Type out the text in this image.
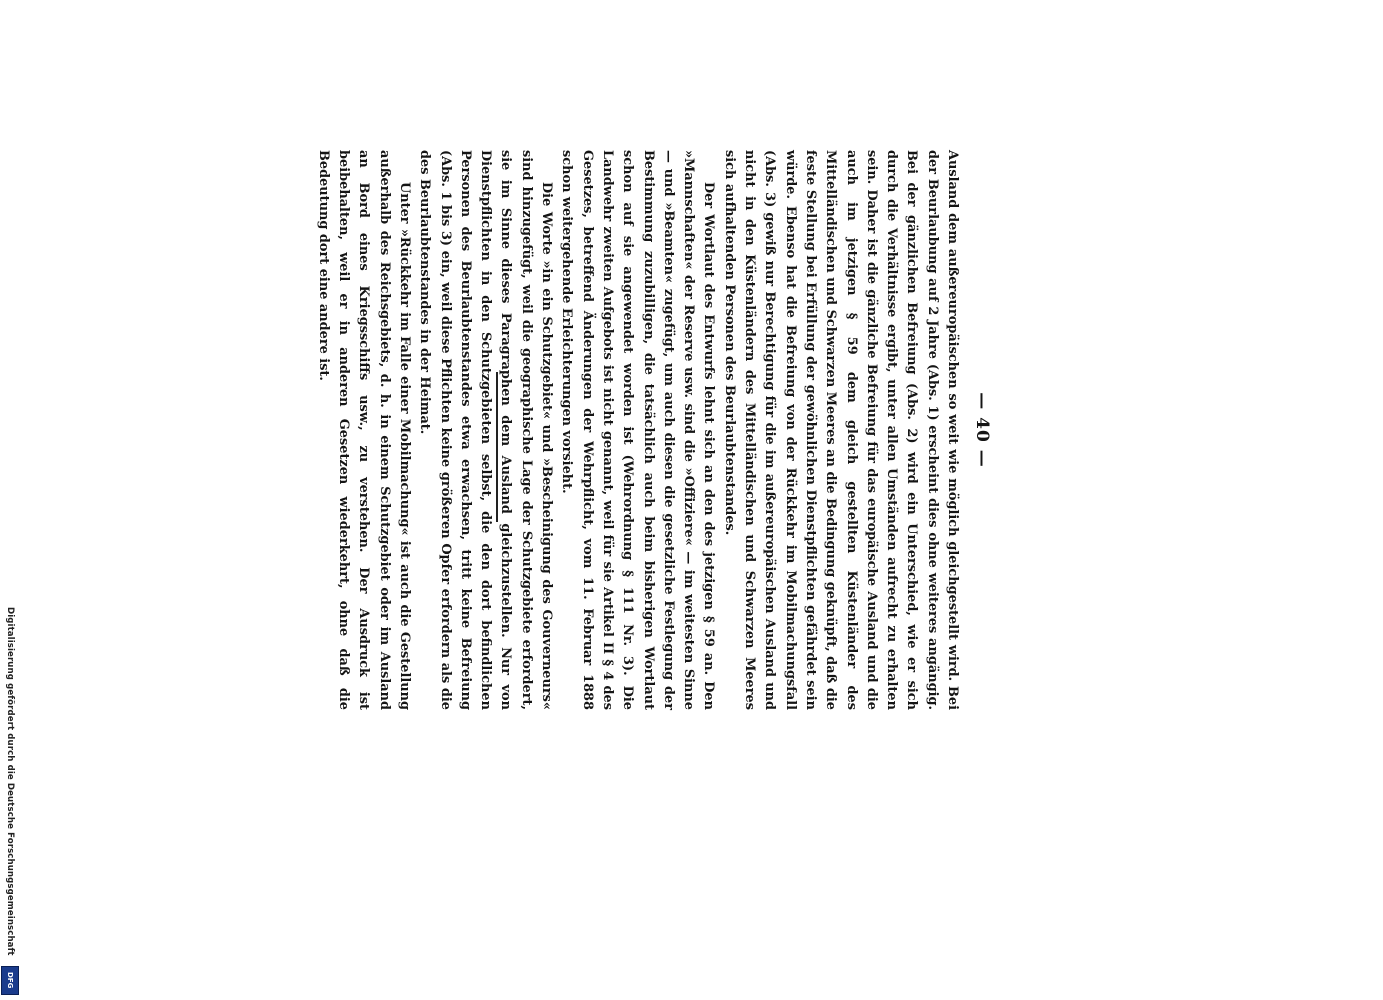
— 40 —

Ausland dem außereuropäischen so weit wie möglich gleichgestellt wird. Bei der Beurlaubung auf 2 Jahre (Abs. 1) erscheint dies ohne weiteres angängig. Bei der gänzlichen Befreiung (Abs. 2) wird ein Unterschied, wie er sich durch die Verhältnisse ergibt, unter allen Umständen aufrecht zu erhalten sein. Daher ist die gänzliche Befreiung für das europäische Ausland und die auch im jetzigen § 59 dem gleich gestellten Küstenländer des Mittelländischen und Schwarzen Meeres an die Bedingung geknüpft, daß die feste Stellung bei Erfüllung der gewöhnlichen Dienstpflichten gefährdet sein würde. Ebenso hat die Befreiung von der Rückkehr im Mobilmachungsfall (Abs. 3) gewiß nur Berechtigung für die im außereuropäischen Ausland und nicht in den Küstenländern des Mittelländischen und Schwarzen Meeres sich aufhaltenden Personen des Beurlaubtenstandes.

Der Wortlaut des Entwurfs lehnt sich an den des jetzigen § 59 an. Den »Mannschaften« der Reserve usw. sind die »Offiziere« — im weitesten Sinne — und »Beamten« zugefügt, um auch diesen die gesetzliche Festlegung der Bestimmung zuzubilligen, die tatsächlich auch beim bisherigen Wortlaut schon auf sie angewendet worden ist (Wehrordnung § 111 Nr. 3). Die Landwehr zweiten Aufgebots ist nicht genannt, weil für sie Artikel II § 4 des Gesetzes, betreffend Änderungen der Wehrpflicht, vom 11. Februar 1888 schon weitergehende Erleichterungen vorsieht.

Die Worte »in ein Schutzgebiet« und »Bescheinigung des Gouverneurs« sind hinzugefügt, weil die geographische Lage der Schutzgebiete erfordert, sie im Sinne dieses Paragraphen dem Ausland gleichzustellen. Nur von Dienstpflichten in den Schutzgebieten selbst, die den dort befindlichen Personen des Beurlaubtenstandes etwa erwachsen, tritt keine Befreiung (Abs. 1 bis 3) ein, weil diese Pflichten keine größeren Opfer erfordern als die des Beurlaubtenstandes in der Heimat.

Unter »Rückkehr im Falle einer Mobilmachung« ist auch die Gestellung außerhalb des Reichsgebiets, d. h. in einem Schutzgebiet oder im Ausland an Bord eines Kriegsschiffs usw., zu verstehen. Der Ausdruck ist beibehalten, weil er in anderen Gesetzen wiederkehrt, ohne daß die Bedeutung dort eine andere ist.

Digitalisierung gefördert durch die Deutsche Forschungsgemeinschaft
DFG
